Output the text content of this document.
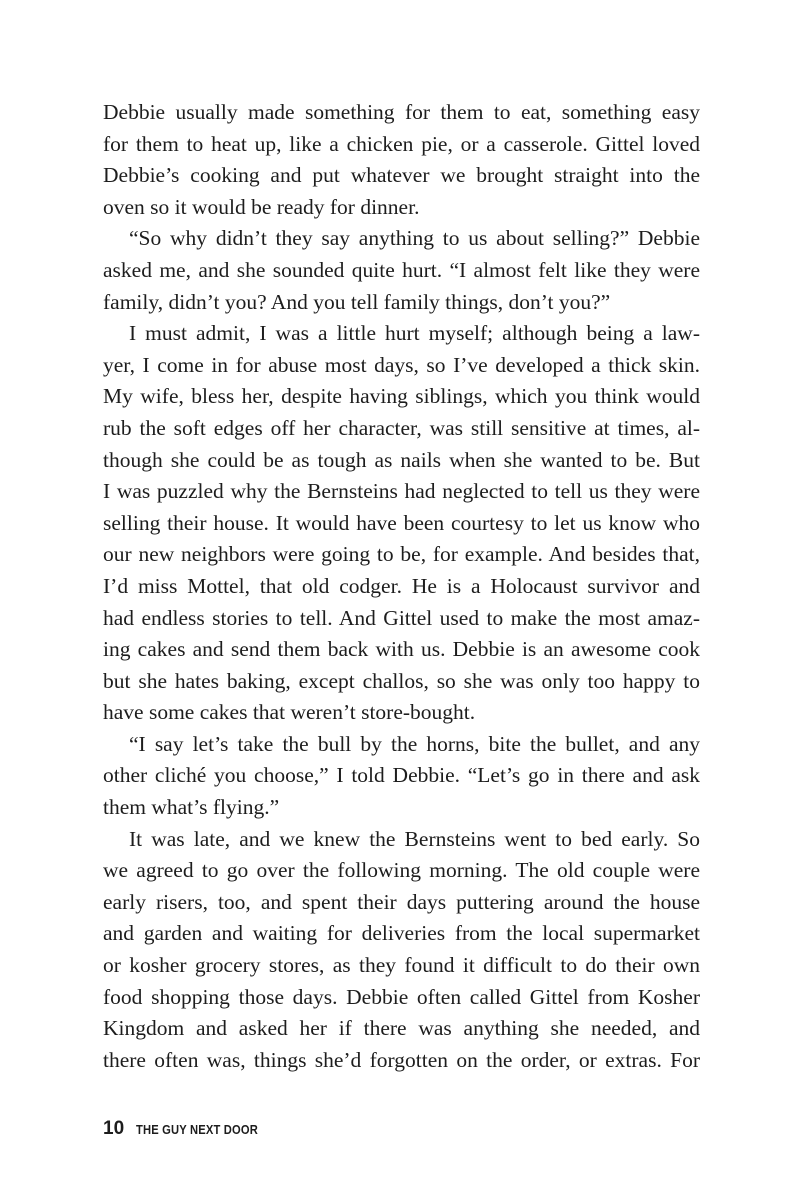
Debbie usually made something for them to eat, something easy
for them to heat up, like a chicken pie, or a casserole. Gittel loved
Debbie’s cooking and put whatever we brought straight into the
oven so it would be ready for dinner.
“So why didn’t they say anything to us about selling?” Debbie
asked me, and she sounded quite hurt. “I almost felt like they were
family, didn’t you? And you tell family things, don’t you?”
I must admit, I was a little hurt myself; although being a law-
yer, I come in for abuse most days, so I’ve developed a thick skin.
My wife, bless her, despite having siblings, which you think would
rub the soft edges off her character, was still sensitive at times, al-
though she could be as tough as nails when she wanted to be. But
I was puzzled why the Bernsteins had neglected to tell us they were
selling their house. It would have been courtesy to let us know who
our new neighbors were going to be, for example. And besides that,
I’d miss Mottel, that old codger. He is a Holocaust survivor and
had endless stories to tell. And Gittel used to make the most amaz-
ing cakes and send them back with us. Debbie is an awesome cook
but she hates baking, except challos, so she was only too happy to
have some cakes that weren’t store-bought.
“I say let’s take the bull by the horns, bite the bullet, and any
other cliché you choose,” I told Debbie. “Let’s go in there and ask
them what’s flying.”
It was late, and we knew the Bernsteins went to bed early. So
we agreed to go over the following morning. The old couple were
early risers, too, and spent their days puttering around the house
and garden and waiting for deliveries from the local supermarket
or kosher grocery stores, as they found it difficult to do their own
food shopping those days. Debbie often called Gittel from Kosher
Kingdom and asked her if there was anything she needed, and
there often was, things she’d forgotten on the order, or extras. For
10 THE GUY NEXT DOOR
